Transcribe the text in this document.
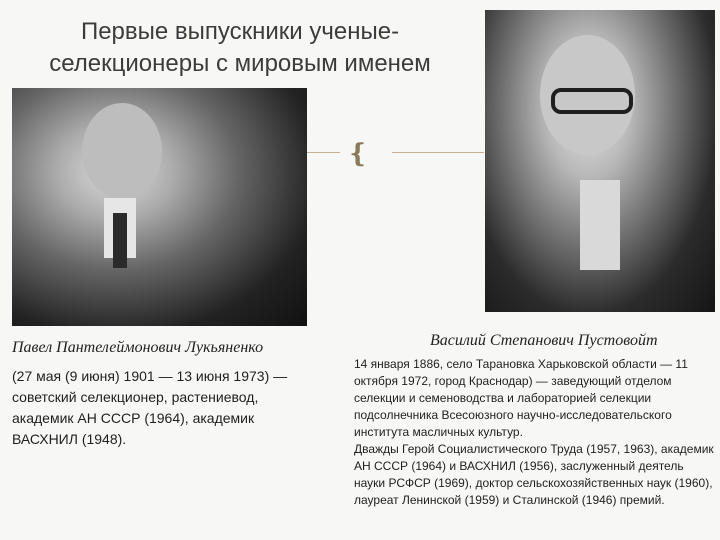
Первые выпускники ученые-селекционеры с мировым именем
❴
Павел Пантелеймонович Лукьяненко

(27 мая (9 июня) 1901 — 13 июня 1973) — советский селекционер, растениевод, академик АН СССР (1964), академик ВАСХНИЛ (1948).

Василий Степанович Пустовойт

14 января 1886, село Тарановка Харьковской области — 11 октября 1972, город Краснодар) — заведующий отделом селекции и семеноводства и лабораторией селекции подсолнечника Всесоюзного научно-исследовательского института масличных культур.

Дважды Герой Социалистического Труда (1957, 1963), академик АН СССР (1964) и ВАСХНИЛ (1956), заслуженный деятель науки РСФСР (1969), доктор сельскохозяйственных наук (1960), лауреат Ленинской (1959) и Сталинской (1946) премий.
